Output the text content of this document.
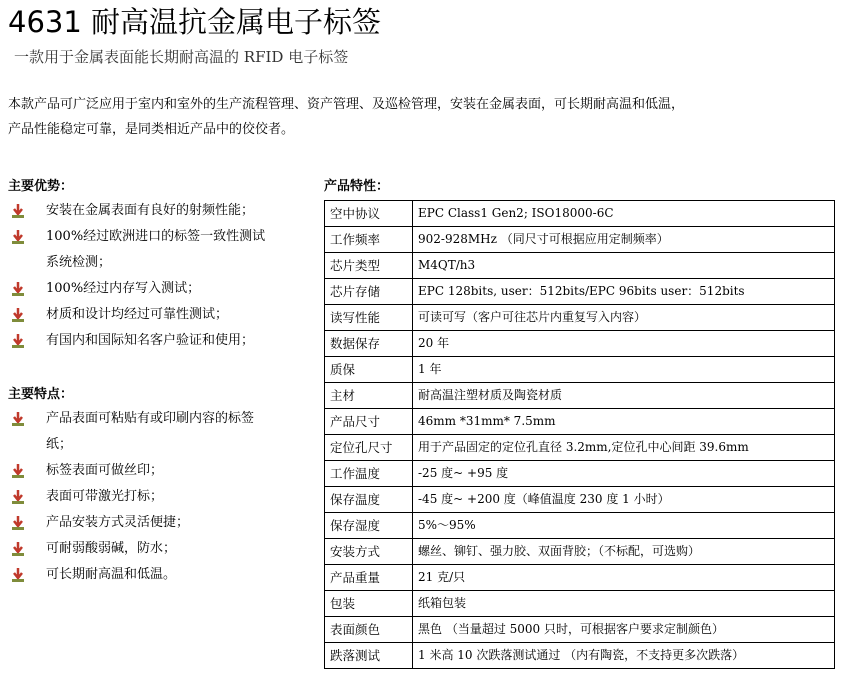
4631 耐高温抗金属电子标签
一款用于金属表面能长期耐高温的 RFID 电子标签

本款产品可广泛应用于室内和室外的生产流程管理、资产管理、及巡检管理，安装在金属表面，可长期耐高温和低温，

产品性能稳定可靠，是同类相近产品中的佼佼者。

主要优势：
安装在金属表面有良好的射频性能；
100%经过欧洲进口的标签一致性测试系统检测；
100%经过内存写入测试；
材质和设计均经过可靠性测试；
有国内和国际知名客户验证和使用；
主要特点：
产品表面可粘贴有或印刷内容的标签纸；
标签表面可做丝印；
表面可带激光打标；
产品安装方式灵活便捷；
可耐弱酸弱碱，防水；
可长期耐高温和低温。
产品特性：
空中协议	EPC Class1 Gen2; ISO18000-6C
工作频率	902-928MHz （同尺寸可根据应用定制频率）
芯片类型	M4QT/h3
芯片存储	EPC 128bits, user：512bits/EPC 96bits user：512bits
读写性能	可读可写（客户可往芯片内重复写入内容）
数据保存	20 年
质保	1 年
主材	耐高温注塑材质及陶瓷材质
产品尺寸	46mm *31mm* 7.5mm
定位孔尺寸	用于产品固定的定位孔直径 3.2mm,定位孔中心间距 39.6mm
工作温度	-25 度~ +95 度
保存温度	-45 度~ +200 度（峰值温度 230 度 1 小时）
保存湿度	5%～95%
安装方式	螺丝、铆钉、强力胶、双面背胶；（不标配，可选购）
产品重量	21 克/只
包装	纸箱包装
表面颜色	黑色 （当量超过 5000 只时，可根据客户要求定制颜色）
跌落测试	1 米高 10 次跌落测试通过 （内有陶瓷，不支持更多次跌落）
